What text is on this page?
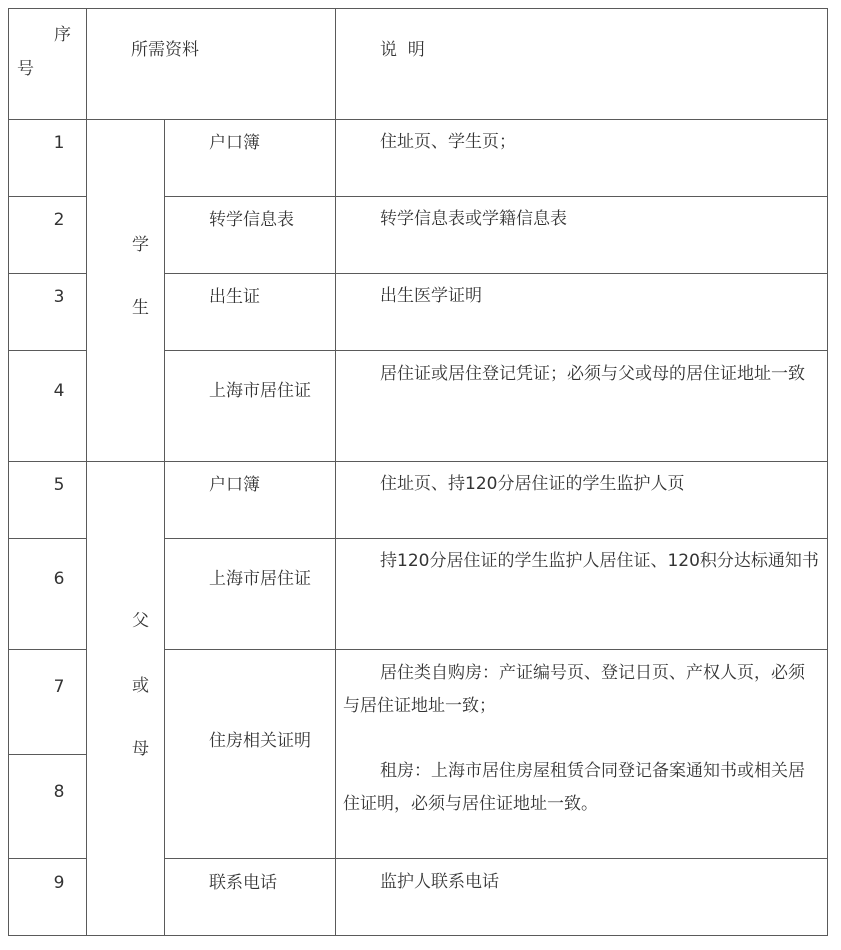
序
号
所需资料	说  明
学
生
父
或
母
1
2
3
4
5
6
7
8
9
户口簿
转学信息表
出生证
上海市居住证
户口簿
上海市居住证
住房相关证明
联系电话
住址页、学生页；
转学信息表或学籍信息表
出生医学证明
居住证或居住登记凭证；必须与父或母的居住证地址一致
住址页、持120分居住证的学生监护人页
持120分居住证的学生监护人居住证、120积分达标通知书
居住类自购房：产证编号页、登记日页、产权人页，必须与居住证地址一致；
租房：上海市居住房屋租赁合同登记备案通知书或相关居住证明，必须与居住证地址一致。
监护人联系电话
